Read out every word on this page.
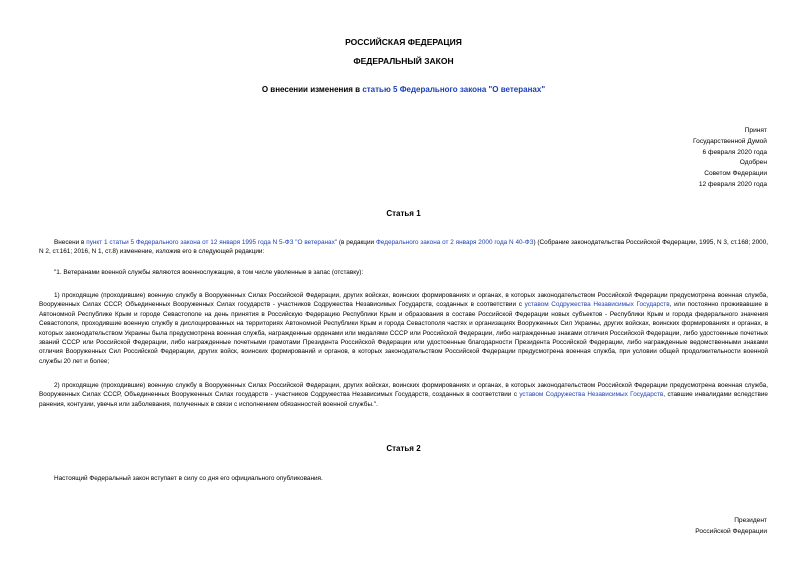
РОССИЙСКАЯ ФЕДЕРАЦИЯ
ФЕДЕРАЛЬНЫЙ ЗАКОН
О внесении изменения в статью 5 Федерального закона "О ветеранах"
Принят
Государственной Думой
6 февраля 2020 года
Одобрен
Советом Федерации
12 февраля 2020 года
Статья 1
Внесени в пункт 1 статьи 5 Федерального закона от 12 января 1995 года N 5-ФЗ "О ветеранах" (в редакции Федерального закона от 2 января 2000 года N 40-ФЗ) (Собрание законодательства Российской Федерации, 1995, N 3, ст.168; 2000, N 2, ст.161; 2016, N 1, ст.8) изменение, изложив его в следующей редакции:
"1. Ветеранами военной службы являются военнослужащие, в том числе уволенные в запас (отставку):
1) проходящие (проходившие) военную службу в Вооруженных Силах Российской Федерации, других войсках, воинских формированиях и органах, в которых законодательством Российской Федерации предусмотрена военная служба, Вооруженных Силах СССР, Объединенных Вооруженных Силах государств - участников Содружества Независимых Государств, созданных в соответствии с уставом Содружества Независимых Государств, или постоянно проживавшие в Автономной Республике Крым и городе Севастополе на день принятия в Российскую Федерацию Республики Крым и образования в составе Российской Федерации новых субъектов - Республики Крым и города федерального значения Севастополя, проходившие военную службу в дислоцированных на территориях Автономной Республики Крым и города Севастополя частях и организациях Вооруженных Сил Украины, других войсках, воинских формированиях и органах, в которых законодательством Украины была предусмотрена военная служба, награжденные орденами или медалями СССР или Российской Федерации, либо награжденные знаками отличия Российской Федерации, либо удостоенные почетных званий СССР или Российской Федерации, либо награжденные почетными грамотами Президента Российской Федерации или удостоенные благодарности Президента Российской Федерации, либо награжденные ведомственными знаками отличия Вооруженных Сил Российской Федерации, других войск, воинских формирований и органов, в которых законодательством Российской Федерации предусмотрена военная служба, при условии общей продолжительности военной службы 20 лет и более;
2) проходящие (проходившие) военную службу в Вооруженных Силах Российской Федерации, других войсках, воинских формированиях и органах, в которых законодательством Российской Федерации предусмотрена военная служба, Вооруженных Силах СССР, Объединенных Вооруженных Силах государств - участников Содружества Независимых Государств, созданных в соответствии с уставом Содружества Независимых Государств, ставшие инвалидами вследствие ранения, контузии, увечья или заболевания, полученных в связи с исполнением обязанностей военной службы.".
Статья 2
Настоящий Федеральный закон вступает в силу со дня его официального опубликования.
Президент
Российской Федерации
